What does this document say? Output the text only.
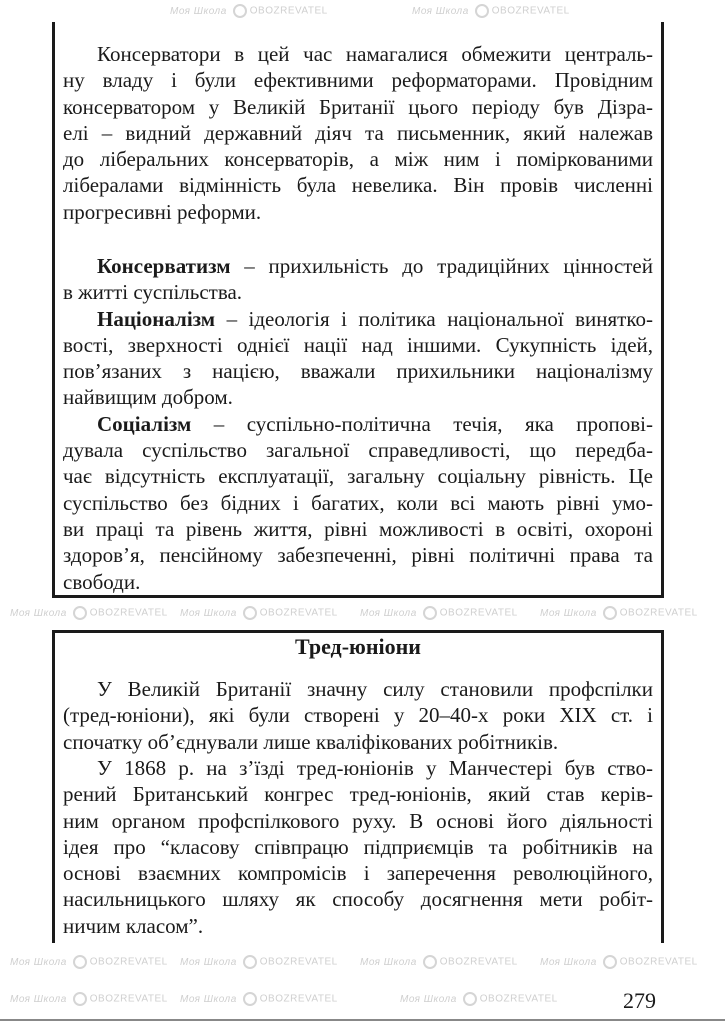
Моя Школа OBOZREVATEL	Моя Школа OBOZREVATEL
Моя Школа OBOZREVATEL Моя Школа OBOZREVATEL Моя Школа OBOZREVATEL Моя Школа OBOZREVATEL
Моя Школа OBOZREVATEL Моя Школа OBOZREVATEL Моя Школа OBOZREVATEL Моя Школа OBOZREVATEL
Моя Школа OBOZREVATEL Моя Школа OBOZREVATEL	Моя Школа OBOZREVATEL
Консерватори в цей час намагалися обмежити централь-
ну владу і були ефективними реформаторами. Провідним
консерватором у Великій Британії цього періоду був Дізра-
елі – видний державний діяч та письменник, який належав
до ліберальних консерваторів, а між ним і поміркованими
лібералами відмінність була невелика. Він провів численні
прогресивні реформи.
Консерватизм – прихильність до традиційних цінностей
в житті суспільства.
Націоналізм – ідеологія і політика національної винятко-
вості, зверхності однієї нації над іншими. Сукупність ідей,
пов’язаних з нацією, вважали прихильники націоналізму
найвищим добром.
Соціалізм – суспільно-політична течія, яка пропові-
дувала суспільство загальної справедливості, що передба-
чає відсутність експлуатації, загальну соціальну рівність. Це
суспільство без бідних і багатих, коли всі мають рівні умо-
ви праці та рівень життя, рівні можливості в освіті, охороні
здоров’я, пенсійному забезпеченні, рівні політичні права та
свободи.
Тред-юніони
У Великій Британії значну силу становили профспілки
(тред-юніони), які були створені у 20–40-х роки XIX ст. і
спочатку об’єднували лише кваліфікованих робітників.
У 1868 р. на з’їзді тред-юніонів у Манчестері був ство-
рений Британський конгрес тред-юніонів, який став керів-
ним органом профспілкового руху. В основі його діяльності
ідея про “класову співпрацю підприємців та робітників на
основі взаємних компромісів і заперечення революційного,
насильницького шляху як способу досягнення мети робіт-
ничим класом”.
279
